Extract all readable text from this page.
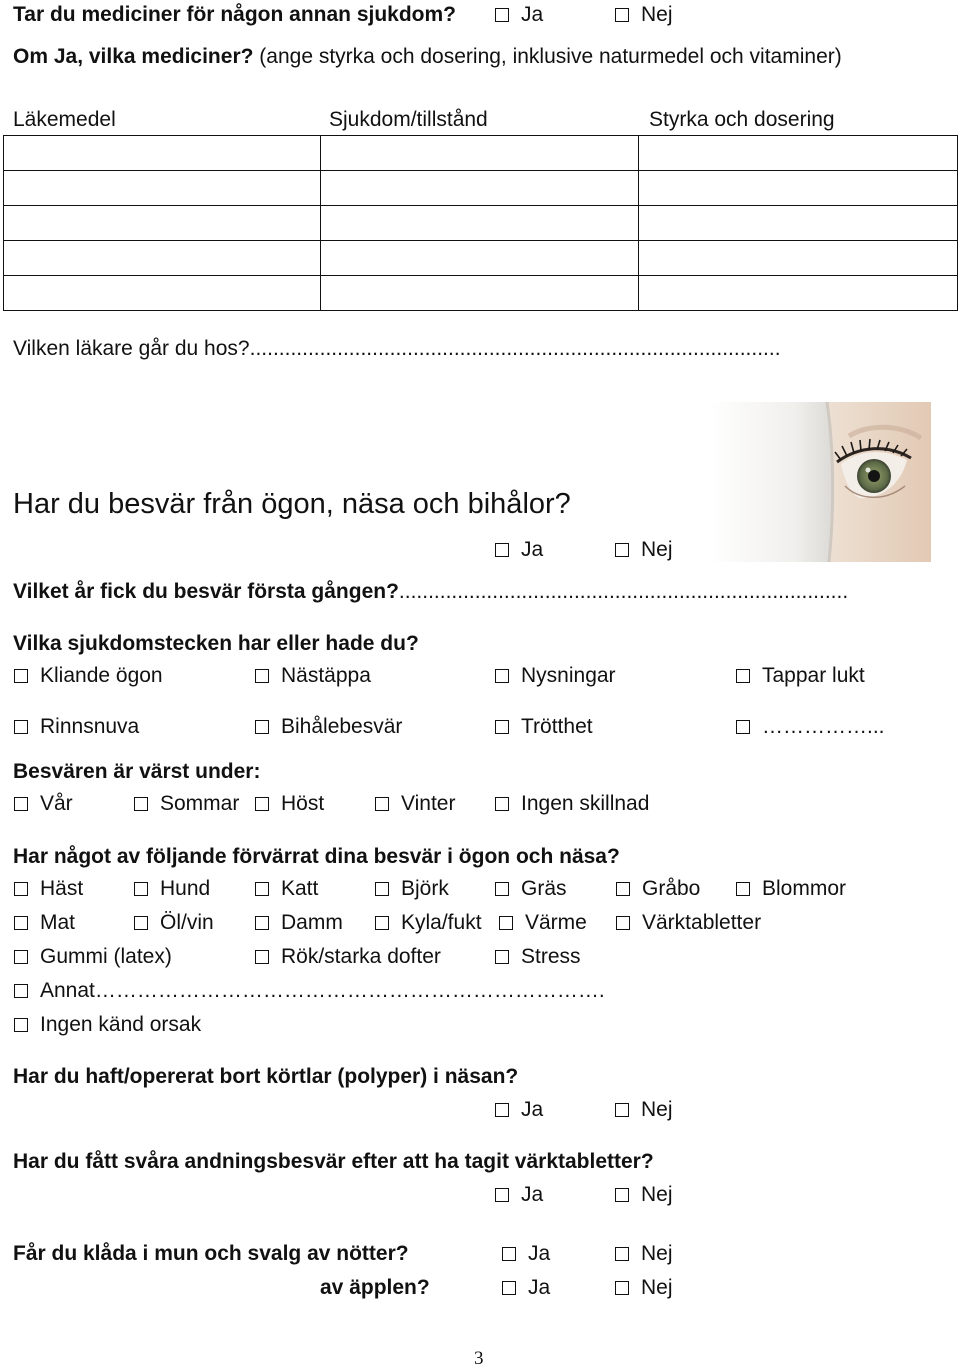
Tar du mediciner för någon annan sjukdom?	Ja	Nej
Om Ja, vilka mediciner? (ange styrka och dosering, inklusive naturmedel och vitaminer)
Läkemedel	Sjukdom/tillstånd	Styrka och dosering

Vilken läkare går du hos?...........................................................................................
Har du besvär från ögon, näsa och bihålor?
Ja	Nej
Vilket år fick du besvär första gången?.............................................................................
Vilka sjukdomstecken har eller hade du?
Kliande ögon	Nästäppa	Nysningar	Tappar lukt
Rinnsnuva	Bihålebesvär	Trötthet	……………...
Besvären är värst under:
Vår	Sommar Höst	Vinter	Ingen skillnad
Har något av följande förvärrat dina besvär i ögon och näsa?
Häst	Hund	Katt	Björk	Gräs	Gråbo	Blommor
Mat	Öl/vin	Damm	Kyla/fukt Värme	Värktabletter
Gummi (latex)	Rök/starka dofter	Stress
Annat……………………………………………………………….
Ingen känd orsak
Har du haft/opererat bort körtlar (polyper) i näsan?
Ja	Nej
Har du fått svåra andningsbesvär efter att ha tagit värktabletter?
Ja	Nej
Får du klåda i mun och svalg av nötter?	Ja	Nej
av äpplen?	Ja	Nej
3
